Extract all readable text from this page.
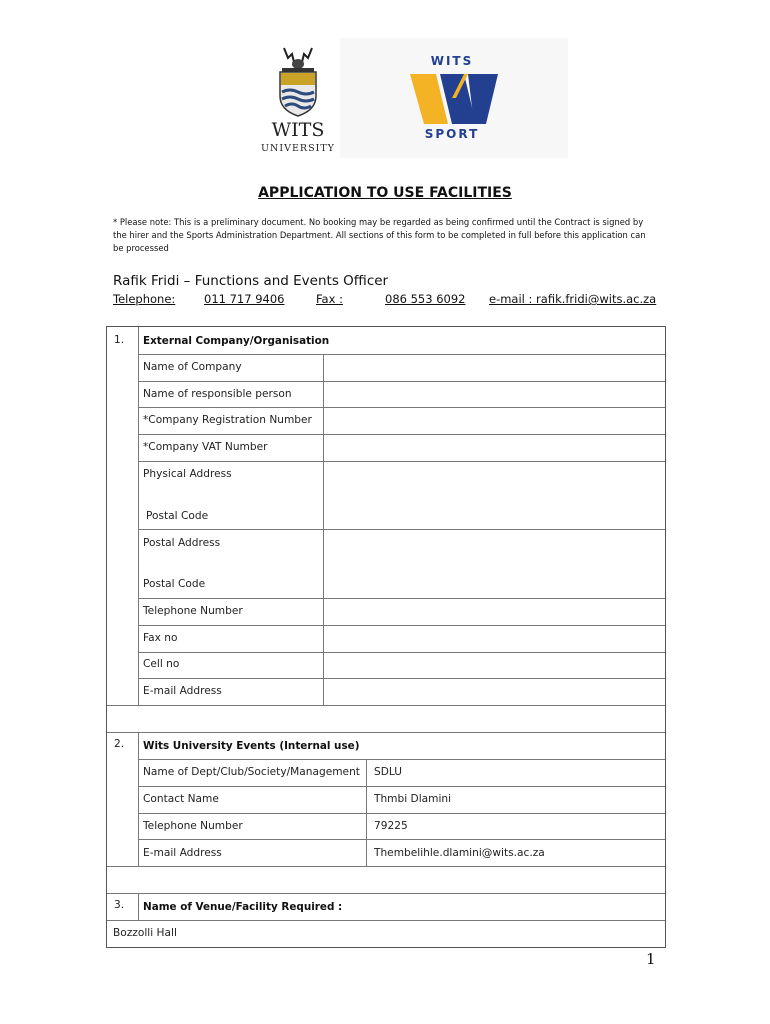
WITS
UNIVERSITY
WITS
SPORT
APPLICATION TO USE FACILITIES
* Please note: This is a preliminary document. No booking may be regarded as being confirmed until the Contract is signed by the hirer and the Sports Administration Department. All sections of this form to be completed in full before this application can be processed
Rafik Fridi – Functions and Events Officer
Telephone: 011 717 9406	Fax :	086 553 6092 e-mail : rafik.fridi@wits.ac.za
1. External Company/Organisation
Name of Company
Name of responsible person
*Company Registration Number
*Company VAT Number
Physical Address
Postal Code
Postal Address
Postal Code
Telephone Number
Fax no
Cell no
E-mail Address
2. Wits University Events (Internal use)
Name of Dept/Club/Society/Management SDLU
Contact Name	Thmbi Dlamini
Telephone Number	79225
E-mail Address	Thembelihle.dlamini@wits.ac.za
3. Name of Venue/Facility Required :
Bozzolli Hall
1
